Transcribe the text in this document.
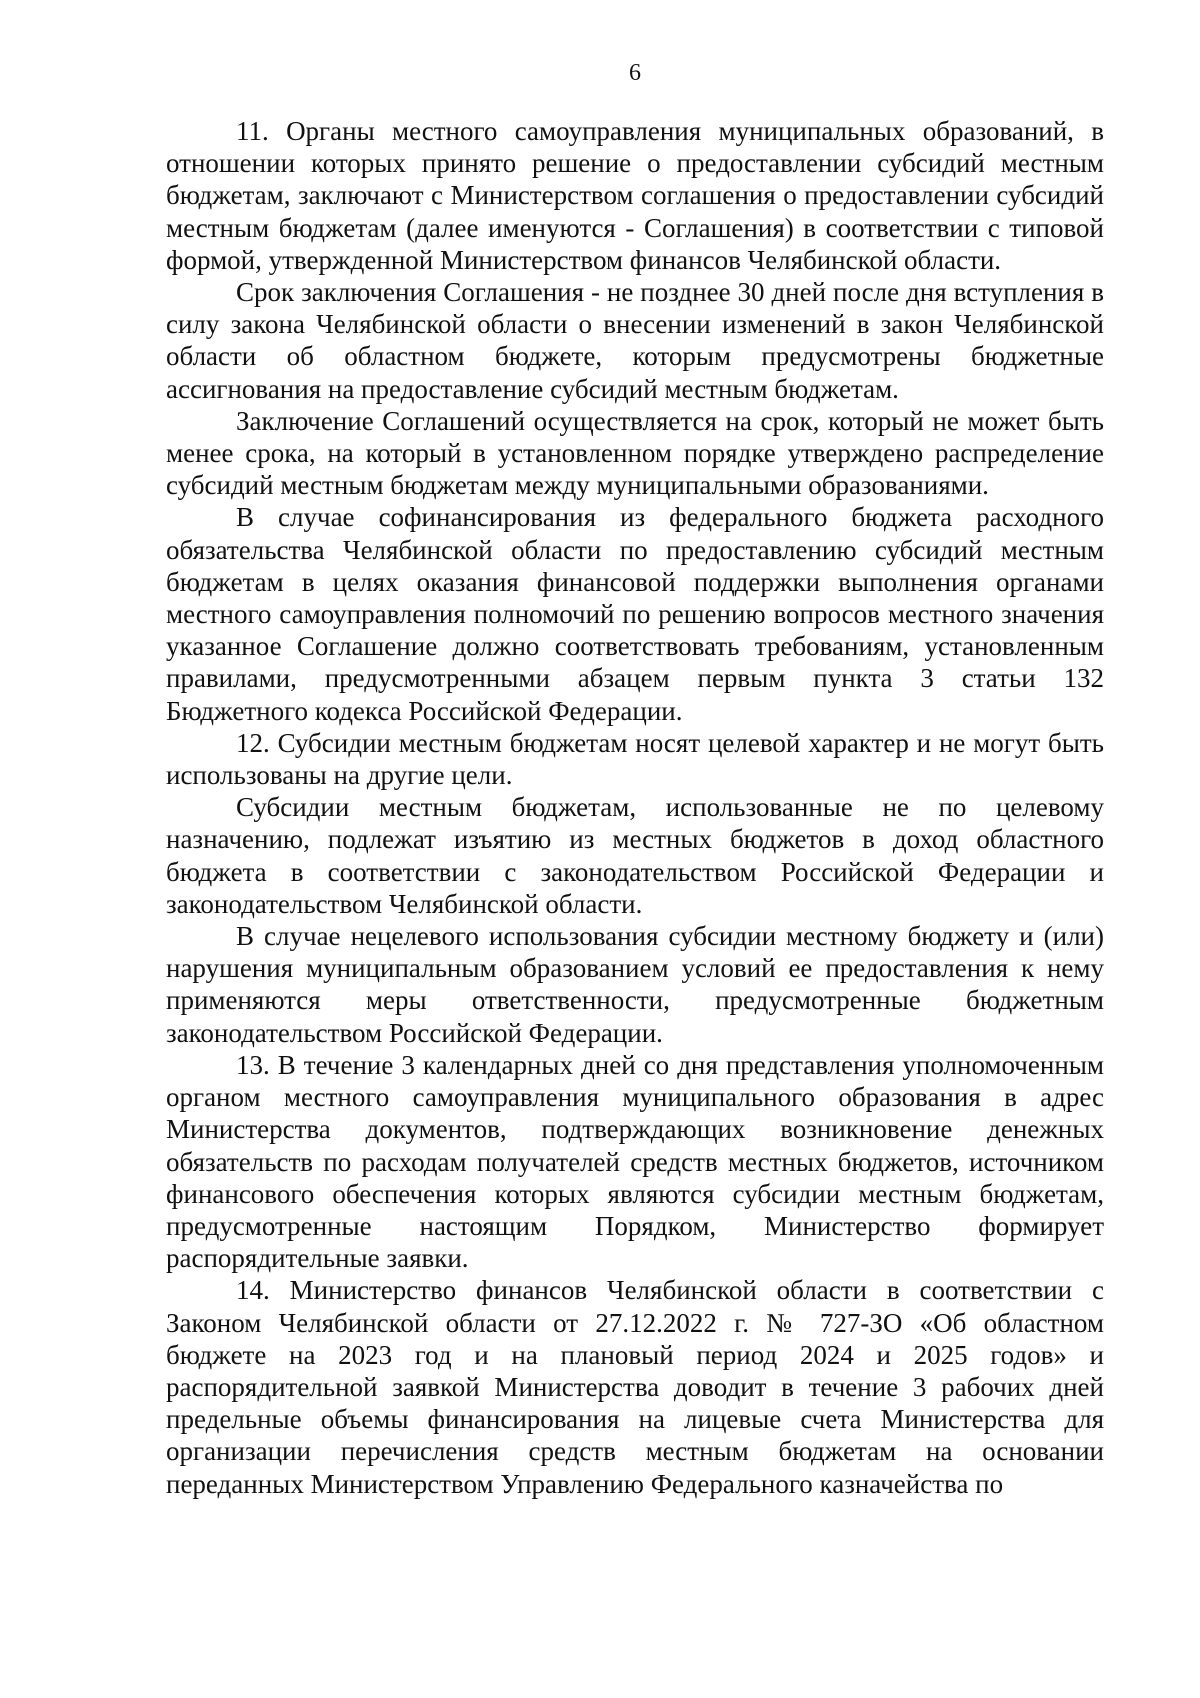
6

11. Органы местного самоуправления муниципальных образований, в отношении которых принято решение о предоставлении субсидий местным бюджетам, заключают с Министерством соглашения о предоставлении субсидий местным бюджетам (далее именуются - Соглашения) в соответствии с типовой формой, утвержденной Министерством финансов Челябинской области.

Срок заключения Соглашения - не позднее 30 дней после дня вступления в силу закона Челябинской области о внесении изменений в закон Челябинской области об областном бюджете, которым предусмотрены бюджетные ассигнования на предоставление субсидий местным бюджетам.

Заключение Соглашений осуществляется на срок, который не может быть менее срока, на который в установленном порядке утверждено распределение субсидий местным бюджетам между муниципальными образованиями.

В случае софинансирования из федерального бюджета расходного обязательства Челябинской области по предоставлению субсидий местным бюджетам в целях оказания финансовой поддержки выполнения органами местного самоуправления полномочий по решению вопросов местного значения указанное Соглашение должно соответствовать требованиям, установленным правилами, предусмотренными абзацем первым пункта 3 статьи 132 Бюджетного кодекса Российской Федерации.

12. Субсидии местным бюджетам носят целевой характер и не могут быть использованы на другие цели.

Субсидии местным бюджетам, использованные не по целевому назначению, подлежат изъятию из местных бюджетов в доход областного бюджета в соответствии с законодательством Российской Федерации и законодательством Челябинской области.

В случае нецелевого использования субсидии местному бюджету и (или) нарушения муниципальным образованием условий ее предоставления к нему применяются меры ответственности, предусмотренные бюджетным законодательством Российской Федерации.

13. В течение 3 календарных дней со дня представления уполномоченным органом местного самоуправления муниципального образования в адрес Министерства документов, подтверждающих возникновение денежных обязательств по расходам получателей средств местных бюджетов, источником финансового обеспечения которых являются субсидии местным бюджетам, предусмотренные настоящим Порядком, Министерство формирует распорядительные заявки.

14. Министерство финансов Челябинской области в соответствии с Законом Челябинской области от 27.12.2022 г. № 727-ЗО «Об областном бюджете на 2023 год и на плановый период 2024 и 2025 годов» и распорядительной заявкой Министерства доводит в течение 3 рабочих дней предельные объемы финансирования на лицевые счета Министерства для организации перечисления средств местным бюджетам на основании переданных Министерством Управлению Федерального казначейства по
